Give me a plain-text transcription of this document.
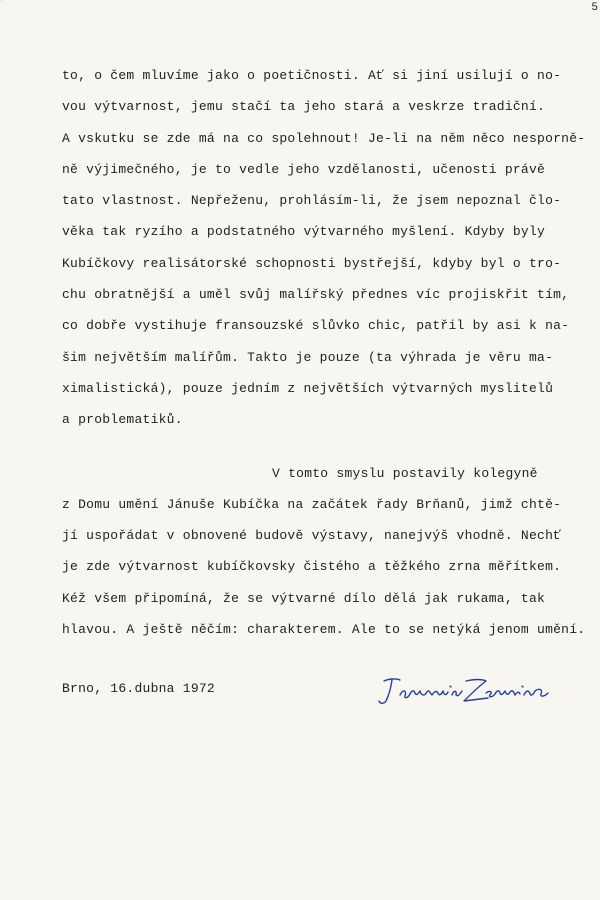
5
to, o čem mluvíme jako o poetičnosti. Ať si jiní usilují o no-
vou výtvarnost, jemu stačí ta jeho stará a veskrze tradiční.
A vskutku se zde má na co spolehnout! Je-li na něm něco nesporně-
ně výjimečného, je to vedle jeho vzdělanosti, učenosti právě
tato vlastnost. Nepřeženu, prohlásím-li, že jsem nepoznal člo-
věka tak ryzího a podstatného výtvarného myšlení. Kdyby byly
Kubíčkovy realisátorské schopnosti bystřejší, kdyby byl o tro-
chu obratnější a uměl svůj malířský přednes víc projiskřit tím,
co dobře vystihuje fransouzské slůvko chic, patřil by asi k na-
šim největším malířům. Takto je pouze (ta výhrada je věru ma-
ximalistická), pouze jedním z největších výtvarných myslitelů
a problematiků.
V tomto smyslu postavily kolegyně
z Domu umění Jánuše Kubíčka na začátek řady Brňanů, jimž chtě-
jí uspořádat v obnovené budově výstavy, nanejvýš vhodně. Nechť
je zde výtvarnost kubíčkovsky čistého a těžkého zrna měřítkem.
Kéž všem připomíná, že se výtvarné dílo dělá jak rukama, tak
hlavou. A ještě něčím: charakterem. Ale to se netýká jenom umění.
Brno, 16.dubna 1972
